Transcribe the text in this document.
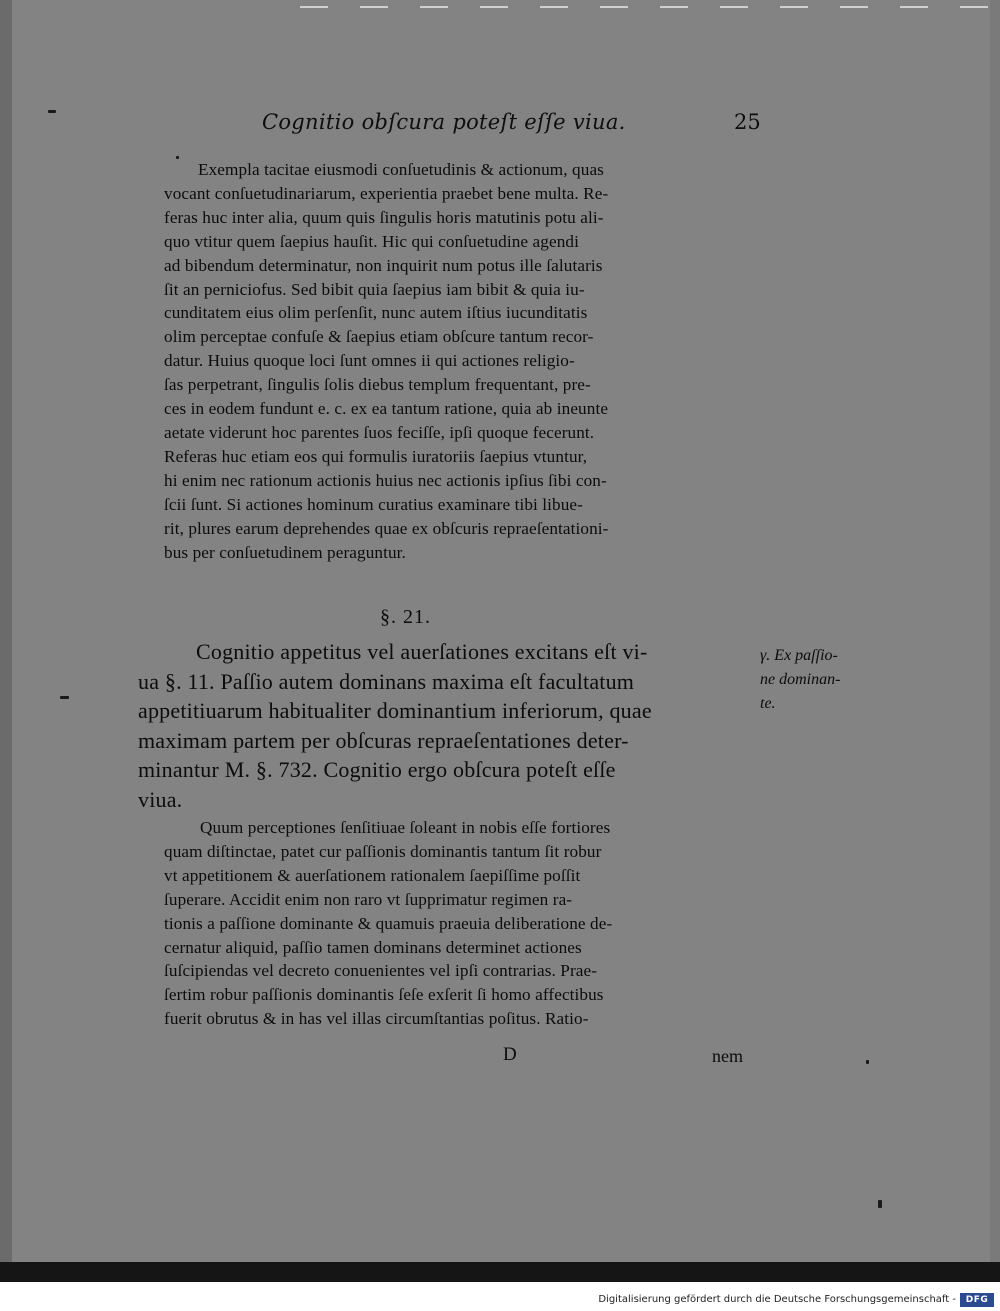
Cognitio obſcura poteſt eſſe viua.	25
Exempla tacitae eiusmodi conſuetudinis & actionum, quas
vocant conſuetudinariarum, experientia praebet bene multa. Re-
feras huc inter alia, quum quis ſingulis horis matutinis potu ali-
quo vtitur quem ſaepius hauſit. Hic qui conſuetudine agendi
ad bibendum determinatur, non inquirit num potus ille ſalutaris
ſit an perniciofus. Sed bibit quia ſaepius iam bibit & quia iu-
cunditatem eius olim perſenſit, nunc autem iſtius iucunditatis
olim perceptae confuſe & ſaepius etiam obſcure tantum recor-
datur. Huius quoque loci ſunt omnes ii qui actiones religio-
ſas perpetrant, ſingulis ſolis diebus templum frequentant, pre-
ces in eodem fundunt e. c. ex ea tantum ratione, quia ab ineunte
aetate viderunt hoc parentes ſuos feciſſe, ipſi quoque fecerunt.
Referas huc etiam eos qui formulis iuratoriis ſaepius vtuntur,
hi enim nec rationum actionis huius nec actionis ipſius ſibi con-
ſcii ſunt. Si actiones hominum curatius examinare tibi libue-
rit, plures earum deprehendes quae ex obſcuris repraeſentationi-
bus per conſuetudinem peraguntur.
§. 21.
Cognitio appetitus vel auerſationes excitans eſt vi-
ua §. 11. Paſſio autem dominans maxima eſt facultatum
appetitiuarum habitualiter dominantium inferiorum, quae
maximam partem per obſcuras repraeſentationes deter-
minantur M. §. 732. Cognitio ergo obſcura poteſt eſſe
viua.
γ. Ex paſſio-
ne dominan-
te.
Quum perceptiones ſenſitiuae ſoleant in nobis eſſe fortiores
quam diſtinctae, patet cur paſſionis dominantis tantum ſit robur
vt appetitionem & auerſationem rationalem ſaepiſſime poſſit
ſuperare. Accidit enim non raro vt ſupprimatur regimen ra-
tionis a paſſione dominante & quamuis praeuia deliberatione de-
cernatur aliquid, paſſio tamen dominans determinet actiones
ſuſcipiendas vel decreto conuenientes vel ipſi contrarias. Prae-
ſertim robur paſſionis dominantis ſeſe exſerit ſi homo affectibus
fuerit obrutus & in has vel illas circumſtantias poſitus. Ratio-
D	nem
Digitalisierung gefördert durch die Deutsche Forschungsgemeinschaft -	DFG
